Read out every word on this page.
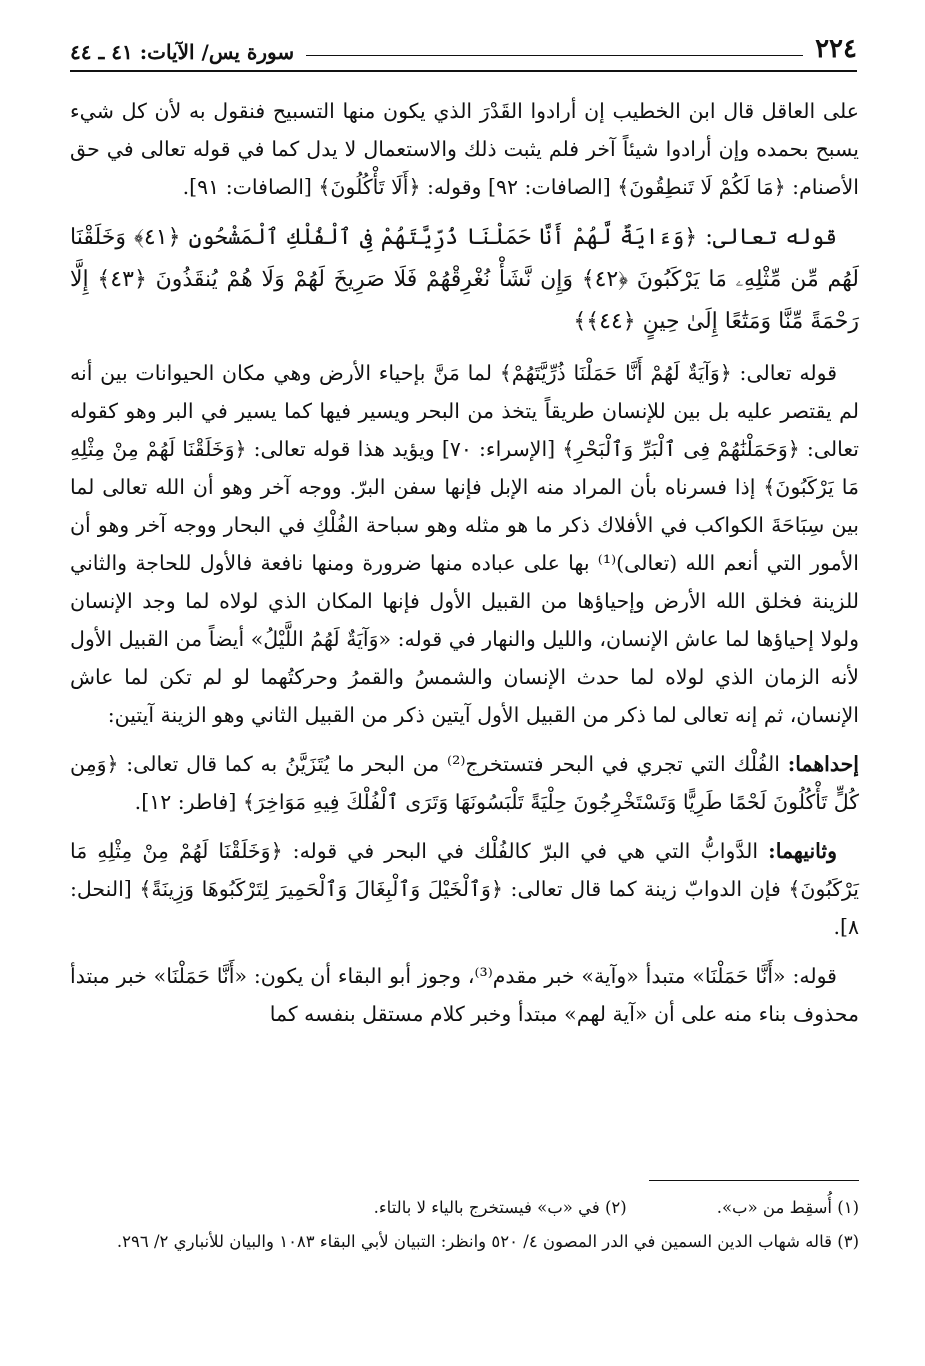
٢٢٤
سورة يس/ الآيات: ٤١ ـ ٤٤

على العاقل قال ابن الخطيب إن أرادوا القَدْرَ الذي يكون منها التسبيح فنقول به لأن كل شيء يسبح بحمده وإن أرادوا شيئاً آخر فلم يثبت ذلك والاستعمال لا يدل كما في قوله تعالى في حق الأصنام: ﴿مَا لَكُمْ لَا تَنطِقُونَ﴾ [الصافات: ٩٢] وقوله: ﴿أَلَا تَأْكُلُونَ﴾ [الصافات: ٩١].

قوله تعالى: ﴿وَءَايَةٌ لَّهُمْ أَنَّا حَمَلْنَا ذُرِّيَّتَهُمْ فِى ٱلْفُلْكِ ٱلْمَشْحُونِ ﴿٤١﴾ وَخَلَقْنَا لَهُم مِّن مِّثْلِهِۦ مَا يَرْكَبُونَ ﴿٤٢﴾ وَإِن نَّشَأْ نُغْرِقْهُمْ فَلَا صَرِيخَ لَهُمْ وَلَا هُمْ يُنقَذُونَ ﴿٤٣﴾ إِلَّا رَحْمَةً مِّنَّا وَمَتَٰعًا إِلَىٰ حِينٍ ﴿٤٤﴾﴾

قوله تعالى: ﴿وَآيَةٌ لَهُمْ أَنَّا حَمَلْنَا ذُرِّيَّتَهُمْ﴾ لما مَنَّ بإحياء الأرض وهي مكان الحيوانات بين أنه لم يقتصر عليه بل بين للإنسان طريقاً يتخذ من البحر ويسير فيها كما يسير في البر وهو كقوله تعالى: ﴿وَحَمَلْنَٰهُمْ فِى ٱلْبَرِّ وَٱلْبَحْرِ﴾ [الإسراء: ٧٠] ويؤيد هذا قوله تعالى: ﴿وَخَلَقْنَا لَهُمْ مِنْ مِثْلِهِ مَا يَرْكَبُونَ﴾ إذا فسرناه بأن المراد منه الإبل فإنها سفن البرّ. ووجه آخر وهو أن الله تعالى لما بين سِبَاحَةَ الكواكب في الأفلاك ذكر ما هو مثله وهو سباحة الفُلْكِ في البحار ووجه آخر وهو أن الأمور التي أنعم الله (تعالى)⁽¹⁾ بها على عباده منها ضرورة ومنها نافعة فالأول للحاجة والثاني للزينة فخلق الله الأرض وإحياؤها من القبيل الأول فإنها المكان الذي لولاه لما وجد الإنسان ولولا إحياؤها لما عاش الإنسان، والليل والنهار في قوله: «وَآيَةٌ لَهُمُ اللَّيْلُ» أيضاً من القبيل الأول لأنه الزمان الذي لولاه لما حدث الإنسان والشمسُ والقمرُ وحركتُهما لو لم تكن لما عاش الإنسان، ثم إنه تعالى لما ذكر من القبيل الأول آيتين ذكر من القبيل الثاني وهو الزينة آيتين:

إحداهما: الفُلْك التي تجري في البحر فتستخرج⁽²⁾ من البحر ما يُتَزَيَّنُ به كما قال تعالى: ﴿وَمِن كُلٍّ تَأْكُلُونَ لَحْمًا طَرِيًّا وَتَسْتَخْرِجُونَ حِلْيَةً تَلْبَسُونَهَا وَتَرَى ٱلْفُلْكَ فِيهِ مَوَاخِرَ﴾ [فاطر: ١٢].

وثانيهما: الدَّوابُّ التي هي في البرّ كالفُلْك في البحر في قوله: ﴿وَخَلَقْنَا لَهُمْ مِنْ مِثْلِهِ مَا يَرْكَبُونَ﴾ فإن الدوابّ زينة كما قال تعالى: ﴿وَٱلْخَيْلَ وَٱلْبِغَالَ وَٱلْحَمِيرَ لِتَرْكَبُوهَا وَزِينَةً﴾ [النحل: ٨].

قوله: «أَنَّا حَمَلْنَا» متبدأ «وآية» خبر مقدم⁽³⁾، وجوز أبو البقاء أن يكون: «أَنَّا حَمَلْنَا» خبر مبتدأ محذوف بناء منه على أن «آية لهم» مبتدأ وخبر كلام مستقل بنفسه كما

(١) أُسقِط من «ب».

(٢) في «ب» فيستخرج بالياء لا بالتاء.

(٣) قاله شهاب الدين السمين في الدر المصون ٤/ ٥٢٠ وانظر: التبيان لأبي البقاء ١٠٨٣ والبيان للأنباري ٢/ ٢٩٦.
